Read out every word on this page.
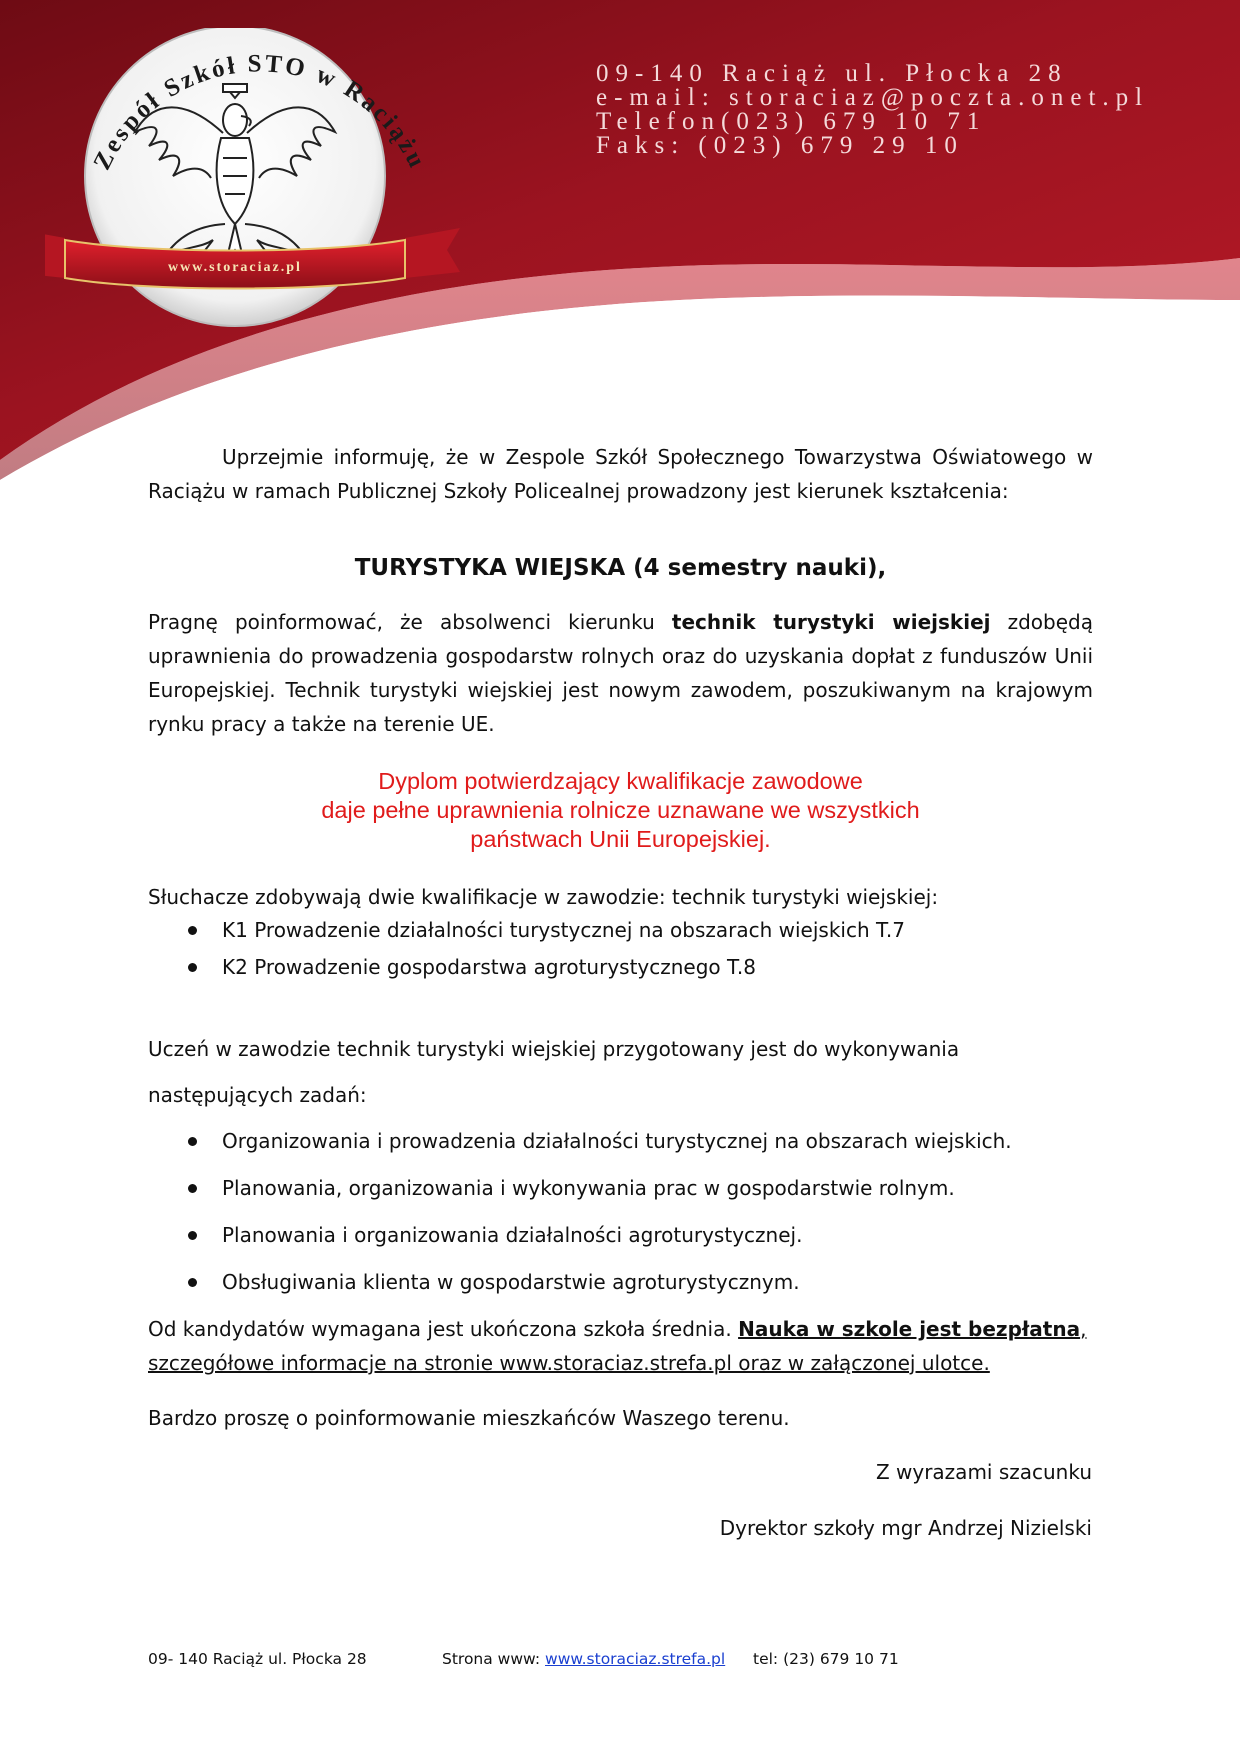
09-140 Raciąż ul. Płocka 28
e-mail: storaciaz@poczta.onet.pl
Telefon(023) 679 10 71
Faks: (023) 679 29 10
Zespół Szkół STO w Raciążu
www.storaciaz.pl
Uprzejmie informuję, że w Zespole Szkół Społecznego Towarzystwa Oświatowego w Raciążu w ramach Publicznej Szkoły Policealnej prowadzony jest kierunek kształcenia:
TURYSTYKA WIEJSKA (4 semestry nauki),
Pragnę poinformować, że absolwenci kierunku technik turystyki wiejskiej zdobędą uprawnienia do prowadzenia gospodarstw rolnych oraz do uzyskania dopłat z funduszów Unii Europejskiej. Technik turystyki wiejskiej jest nowym zawodem, poszukiwanym na krajowym rynku pracy a także na terenie UE.
Dyplom potwierdzający kwalifikacje zawodowe
daje pełne uprawnienia rolnicze uznawane we wszystkich
państwach Unii Europejskiej.
Słuchacze zdobywają dwie kwalifikacje w zawodzie: technik turystyki wiejskiej:
K1 Prowadzenie działalności turystycznej na obszarach wiejskich T.7
K2 Prowadzenie gospodarstwa agroturystycznego T.8
Uczeń w zawodzie technik turystyki wiejskiej przygotowany jest do wykonywania
następujących zadań:
Organizowania i prowadzenia działalności turystycznej na obszarach wiejskich.
Planowania, organizowania i wykonywania prac w gospodarstwie rolnym.
Planowania i organizowania działalności agroturystycznej.
Obsługiwania klienta w gospodarstwie agroturystycznym.
Od kandydatów wymagana jest ukończona szkoła średnia. Nauka w szkole jest bezpłatna,
szczegółowe informacje na stronie www.storaciaz.strefa.pl oraz w załączonej ulotce.
Bardzo proszę o poinformowanie mieszkańców Waszego terenu.
Z wyrazami szacunku
Dyrektor szkoły mgr Andrzej Nizielski
09- 140 Raciąż ul. Płocka 28	Strona www: www.storaciaz.strefa.pl tel: (23) 679 10 71
